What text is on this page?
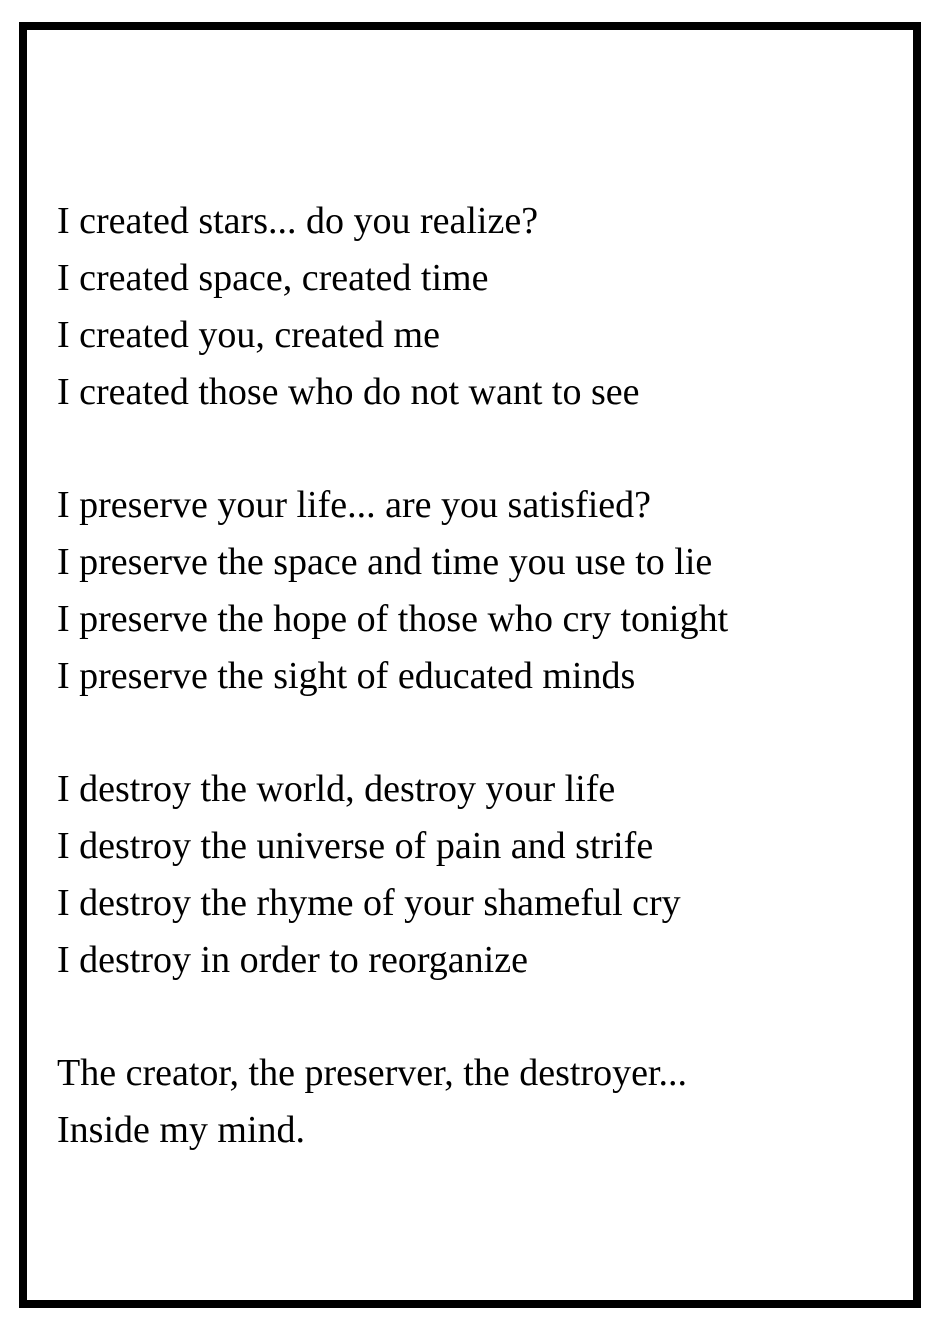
I created stars... do you realize?
I created space, created time
I created you, created me
I created those who do not want to see
I preserve your life... are you satisfied?
I preserve the space and time you use to lie
I preserve the hope of those who cry tonight
I preserve the sight of educated minds
I destroy the world, destroy your life
I destroy the universe of pain and strife
I destroy the rhyme of your shameful cry
I destroy in order to reorganize
The creator, the preserver, the destroyer...
Inside my mind.
